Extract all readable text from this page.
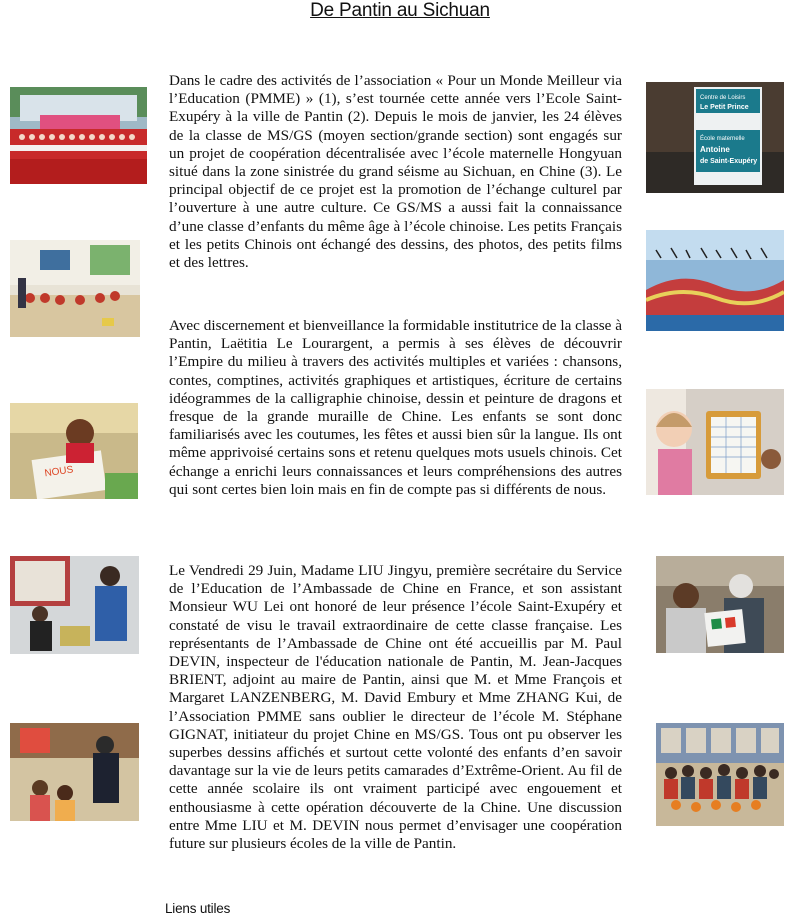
De Pantin au Sichuan
NOUS
Centre de Loisirs
Le Petit Prince
École maternelle
Antoine
de Saint-Exupéry

Dans le cadre des activités de l’association « Pour un Monde Meilleur via l’Education (PMME) » (1), s’est tournée cette année vers l’Ecole Saint-Exupéry à la ville de Pantin (2). Depuis le mois de janvier, les 24 élèves de la classe de MS/GS (moyen section/grande section) sont engagés sur un projet de coopération décentralisée avec l’école maternelle Hongyuan situé dans la zone sinistrée du grand séisme au Sichuan, en Chine (3). Le principal objectif de ce projet est la promotion de l’échange culturel par l’ouverture à une autre culture. Ce GS/MS a aussi fait la connaissance d’une classe d’enfants du même âge à l’école chinoise. Les petits Français et les petits Chinois ont échangé des dessins, des photos, des petits films et des lettres.

Avec discernement et bienveillance la formidable institutrice de la classe à Pantin, Laëtitia Le Lourargent, a permis à ses élèves de découvrir l’Empire du milieu à travers des activités multiples et variées : chansons, contes, comptines, activités graphiques et artistiques, écriture de certains idéogrammes de la calligraphie chinoise, dessin et peinture de dragons et fresque de la grande muraille de Chine. Les enfants se sont donc familiarisés avec les coutumes, les fêtes et aussi bien sûr la langue. Ils ont même apprivoisé certains sons et retenu quelques mots usuels chinois. Cet échange a enrichi leurs connaissances et leurs compréhensions des autres qui sont certes bien loin mais en fin de compte pas si différents de nous.

Le Vendredi 29 Juin, Madame LIU Jingyu, première secrétaire du Service de l’Education de l’Ambassade de Chine en France, et son assistant Monsieur WU Lei ont honoré de leur présence l’école Saint-Exupéry et constaté de visu le travail extraordinaire de cette classe française. Les représentants de l’Ambassade de Chine ont été accueillis par M. Paul DEVIN, inspecteur de l'éducation nationale de Pantin, M. Jean-Jacques BRIENT, adjoint au maire de Pantin, ainsi que M. et Mme François et Margaret LANZENBERG, M. David Embury et Mme ZHANG Kui, de l’Association PMME sans oublier le directeur de l’école M. Stéphane GIGNAT, initiateur du projet Chine en MS/GS. Tous ont pu observer les superbes dessins affichés et surtout cette volonté des enfants d’en savoir davantage sur la vie de leurs petits camarades d’Extrême-Orient. Au fil de cette année scolaire ils ont vraiment participé avec engouement et enthousiasme à cette opération découverte de la Chine. Une discussion entre Mme LIU et M. DEVIN nous permet d’envisager une coopération future sur plusieurs écoles de la ville de Pantin.

Liens utiles
